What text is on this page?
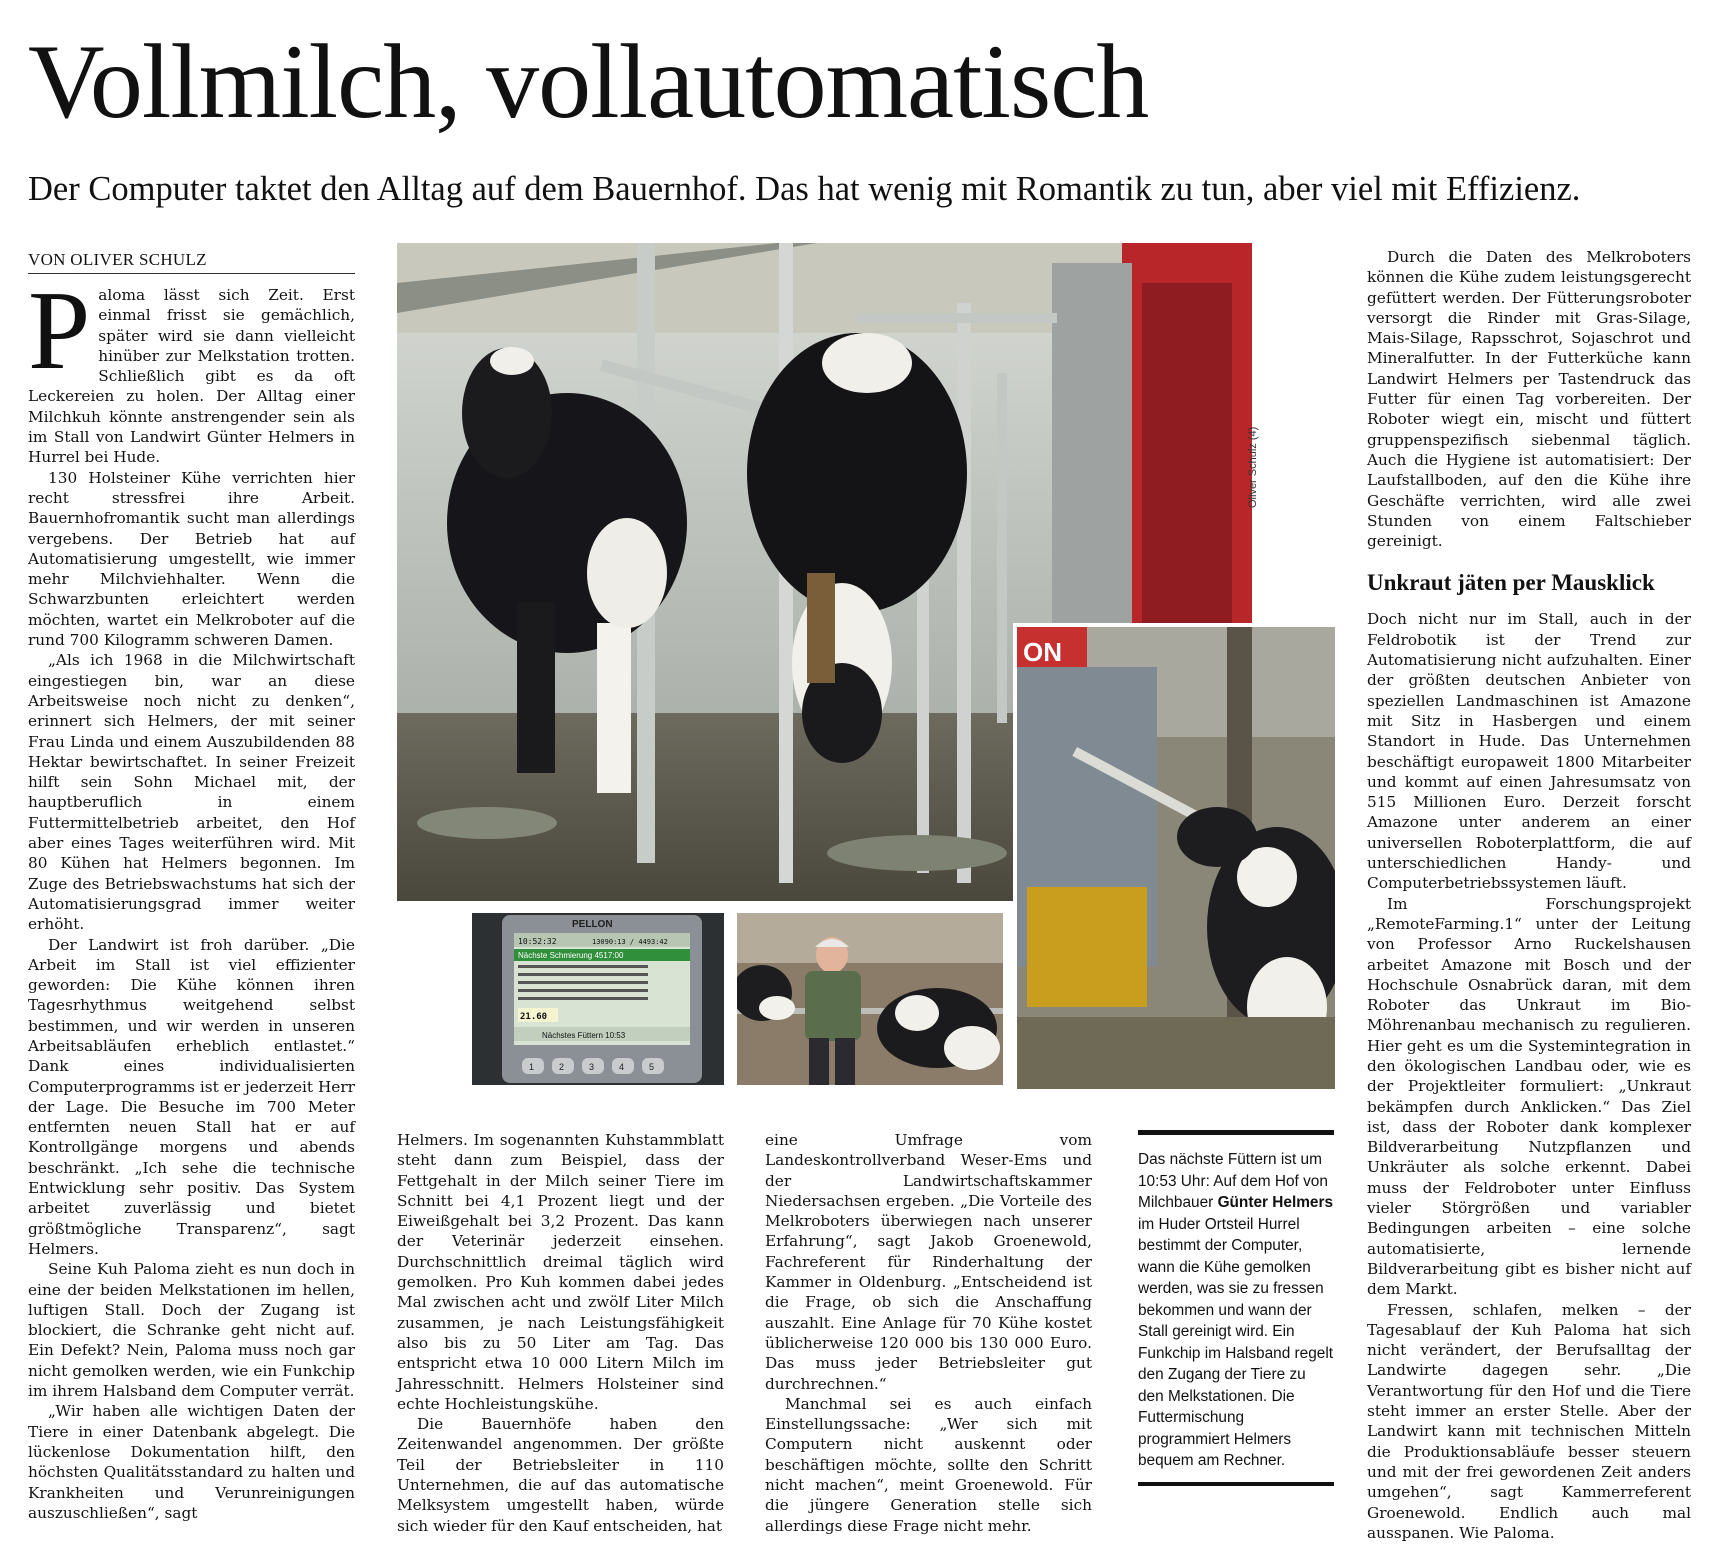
Vollmilch, vollautomatisch
Der Computer taktet den Alltag auf dem Bauernhof. Das hat wenig mit Romantik zu tun, aber viel mit Effizienz.
VON OLIVER SCHULZ

Paloma lässt sich Zeit. Erst einmal frisst sie gemächlich, später wird sie dann vielleicht hinüber zur Melkstation trotten. Schließlich gibt es da oft Leckereien zu holen. Der Alltag einer Milchkuh könnte anstrengender sein als im Stall von Landwirt Günter Helmers in Hurrel bei Hude.

130 Holsteiner Kühe verrichten hier recht stressfrei ihre Arbeit. Bauernhofromantik sucht man allerdings vergebens. Der Betrieb hat auf Automatisierung umgestellt, wie immer mehr Milchviehhalter. Wenn die Schwarzbunten erleichtert werden möchten, wartet ein Melkroboter auf die rund 700 Kilogramm schweren Damen.

„Als ich 1968 in die Milchwirtschaft eingestiegen bin, war an diese Arbeitsweise noch nicht zu denken“, erinnert sich Helmers, der mit seiner Frau Linda und einem Auszubildenden 88 Hektar bewirtschaftet. In seiner Freizeit hilft sein Sohn Michael mit, der hauptberuflich in einem Futtermittelbetrieb arbeitet, den Hof aber eines Tages weiterführen wird. Mit 80 Kühen hat Helmers begonnen. Im Zuge des Betriebswachstums hat sich der Automatisierungsgrad immer weiter erhöht.

Der Landwirt ist froh darüber. „Die Arbeit im Stall ist viel effizienter geworden: Die Kühe können ihren Tagesrhythmus weitgehend selbst bestimmen, und wir werden in unseren Arbeitsabläufen erheblich entlastet.“ Dank eines individualisierten Computerprogramms ist er jederzeit Herr der Lage. Die Besuche im 700 Meter entfernten neuen Stall hat er auf Kontrollgänge morgens und abends beschränkt. „Ich sehe die technische Entwicklung sehr positiv. Das System arbeitet zuverlässig und bietet größtmögliche Transparenz“, sagt Helmers.

Seine Kuh Paloma zieht es nun doch in eine der beiden Melkstationen im hellen, luftigen Stall. Doch der Zugang ist blockiert, die Schranke geht nicht auf. Ein Defekt? Nein, Paloma muss noch gar nicht gemolken werden, wie ein Funkchip im ihrem Halsband dem Computer verrät.

„Wir haben alle wichtigen Daten der Tiere in einer Datenbank abgelegt. Die lückenlose Dokumentation hilft, den höchsten Qualitätsstandard zu halten und Krankheiten und Verunreinigungen auszuschließen“, sagt

Oliver Schulz (4)
ON
PELLON
10:52:32	13090:13 / 4493:42
Nächste Schmierung 4517:00
21.60
Nächstes Füttern 10:53
1	2	3	4	5

Helmers. Im sogenannten Kuhstammblatt steht dann zum Beispiel, dass der Fettgehalt in der Milch seiner Tiere im Schnitt bei 4,1 Prozent liegt und der Eiweißgehalt bei 3,2 Prozent. Das kann der Veterinär jederzeit einsehen. Durchschnittlich dreimal täglich wird gemolken. Pro Kuh kommen dabei jedes Mal zwischen acht und zwölf Liter Milch zusammen, je nach Leistungsfähigkeit also bis zu 50 Liter am Tag. Das entspricht etwa 10 000 Litern Milch im Jahresschnitt. Helmers Holsteiner sind echte Hochleistungskühe.

Die Bauernhöfe haben den Zeitenwandel angenommen. Der größte Teil der Betriebsleiter in 110 Unternehmen, die auf das automatische Melksystem umgestellt haben, würde sich wieder für den Kauf entscheiden, hat

eine Umfrage vom Landeskontrollverband Weser-Ems und der Landwirtschaftskammer Niedersachsen ergeben. „Die Vorteile des Melkroboters überwiegen nach unserer Erfahrung“, sagt Jakob Groenewold, Fachreferent für Rinderhaltung der Kammer in Oldenburg. „Entscheidend ist die Frage, ob sich die Anschaffung auszahlt. Eine Anlage für 70 Kühe kostet üblicherweise 120 000 bis 130 000 Euro. Das muss jeder Betriebsleiter gut durchrechnen.“

Manchmal sei es auch einfach Einstellungssache: „Wer sich mit Computern nicht auskennt oder beschäftigen möchte, sollte den Schritt nicht machen“, meint Groenewold. Für die jüngere Generation stelle sich allerdings diese Frage nicht mehr.

Das nächste Füttern ist um 10:53 Uhr: Auf dem Hof von Milchbauer Günter Helmers im Huder Ortsteil Hurrel bestimmt der Computer, wann die Kühe gemolken werden, was sie zu fressen bekommen und wann der Stall gereinigt wird. Ein Funkchip im Halsband regelt den Zugang der Tiere zu den Melkstationen. Die Futtermischung programmiert Helmers bequem am Rechner.

Durch die Daten des Melkroboters können die Kühe zudem leistungsgerecht gefüttert werden. Der Fütterungsroboter versorgt die Rinder mit Gras-Silage, Mais-Silage, Rapsschrot, Sojaschrot und Mineralfutter. In der Futterküche kann Landwirt Helmers per Tastendruck das Futter für einen Tag vorbereiten. Der Roboter wiegt ein, mischt und füttert gruppenspezifisch siebenmal täglich. Auch die Hygiene ist automatisiert: Der Laufstallboden, auf den die Kühe ihre Geschäfte verrichten, wird alle zwei Stunden von einem Faltschieber gereinigt.

Unkraut jäten per Mausklick

Doch nicht nur im Stall, auch in der Feldrobotik ist der Trend zur Automatisierung nicht aufzuhalten. Einer der größten deutschen Anbieter von speziellen Landmaschinen ist Amazone mit Sitz in Hasbergen und einem Standort in Hude. Das Unternehmen beschäftigt europaweit 1800 Mitarbeiter und kommt auf einen Jahresumsatz von 515 Millionen Euro. Derzeit forscht Amazone unter anderem an einer universellen Roboterplattform, die auf unterschiedlichen Handy- und Computerbetriebssystemen läuft.

Im Forschungsprojekt „RemoteFarming.1“ unter der Leitung von Professor Arno Ruckelshausen arbeitet Amazone mit Bosch und der Hochschule Osnabrück daran, mit dem Roboter das Unkraut im Bio-Möhrenanbau mechanisch zu regulieren. Hier geht es um die Systemintegration in den ökologischen Landbau oder, wie es der Projektleiter formuliert: „Unkraut bekämpfen durch Anklicken.“ Das Ziel ist, dass der Roboter dank komplexer Bildverarbeitung Nutzpflanzen und Unkräuter als solche erkennt. Dabei muss der Feldroboter unter Einfluss vieler Störgrößen und variabler Bedingungen arbeiten – eine solche automatisierte, lernende Bildverarbeitung gibt es bisher nicht auf dem Markt.

Fressen, schlafen, melken – der Tagesablauf der Kuh Paloma hat sich nicht verändert, der Berufsalltag der Landwirte dagegen sehr. „Die Verantwortung für den Hof und die Tiere steht immer an erster Stelle. Aber der Landwirt kann mit technischen Mitteln die Produktionsabläufe besser steuern und mit der frei gewordenen Zeit anders umgehen“, sagt Kammerreferent Groenewold. Endlich auch mal ausspanen. Wie Paloma.
